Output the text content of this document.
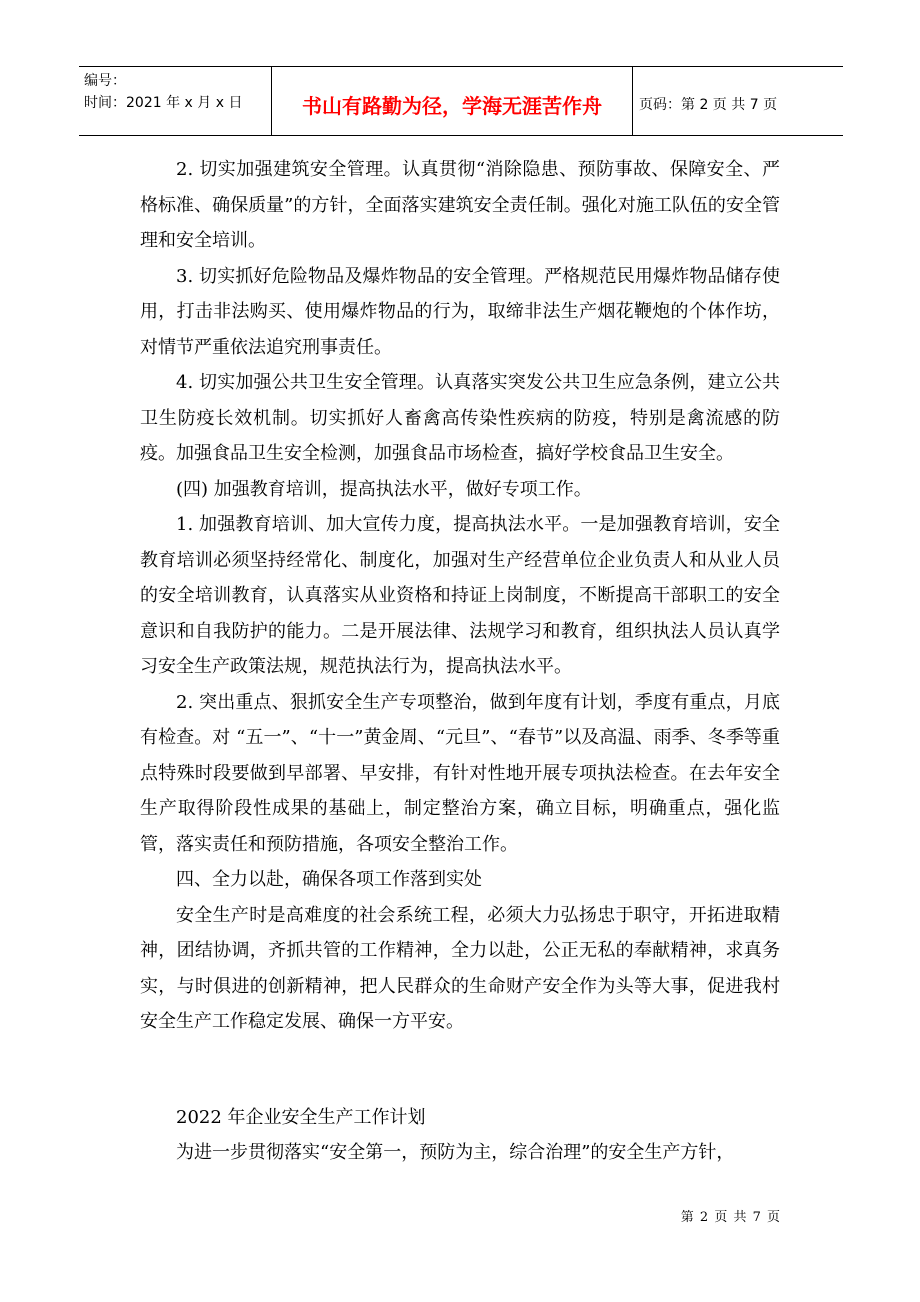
编号：
时间：2021 年 x 月 x 日	书山有路勤为径，学海无涯苦作舟	页码：第 2 页 共 7 页

2. 切实加强建筑安全管理。认真贯彻“消除隐患、预防事故、保障安全、严格标准、确保质量”的方针，全面落实建筑安全责任制。强化对施工队伍的安全管理和安全培训。

3. 切实抓好危险物品及爆炸物品的安全管理。严格规范民用爆炸物品储存使用，打击非法购买、使用爆炸物品的行为，取缔非法生产烟花鞭炮的个体作坊，对情节严重依法追究刑事责任。

4. 切实加强公共卫生安全管理。认真落实突发公共卫生应急条例，建立公共卫生防疫长效机制。切实抓好人畜禽高传染性疾病的防疫，特别是禽流感的防疫。加强食品卫生安全检测，加强食品市场检查，搞好学校食品卫生安全。

(四) 加强教育培训，提高执法水平，做好专项工作。

1. 加强教育培训、加大宣传力度，提高执法水平。一是加强教育培训，安全教育培训必须坚持经常化、制度化，加强对生产经营单位企业负责人和从业人员的安全培训教育，认真落实从业资格和持证上岗制度，不断提高干部职工的安全意识和自我防护的能力。二是开展法律、法规学习和教育，组织执法人员认真学习安全生产政策法规，规范执法行为，提高执法水平。

2. 突出重点、狠抓安全生产专项整治，做到年度有计划，季度有重点，月底有检查。对 “五一”、“十一”黄金周、“元旦”、“春节”以及高温、雨季、冬季等重点特殊时段要做到早部署、早安排，有针对性地开展专项执法检查。在去年安全生产取得阶段性成果的基础上，制定整治方案，确立目标，明确重点，强化监管，落实责任和预防措施，各项安全整治工作。

四、全力以赴，确保各项工作落到实处

安全生产时是高难度的社会系统工程，必须大力弘扬忠于职守，开拓进取精神，团结协调，齐抓共管的工作精神，全力以赴，公正无私的奉献精神，求真务实，与时俱进的创新精神，把人民群众的生命财产安全作为头等大事，促进我村安全生产工作稳定发展、确保一方平安。

2022 年企业安全生产工作计划

为进一步贯彻落实“安全第一，预防为主，综合治理”的安全生产方针，

第 2 页 共 7 页
